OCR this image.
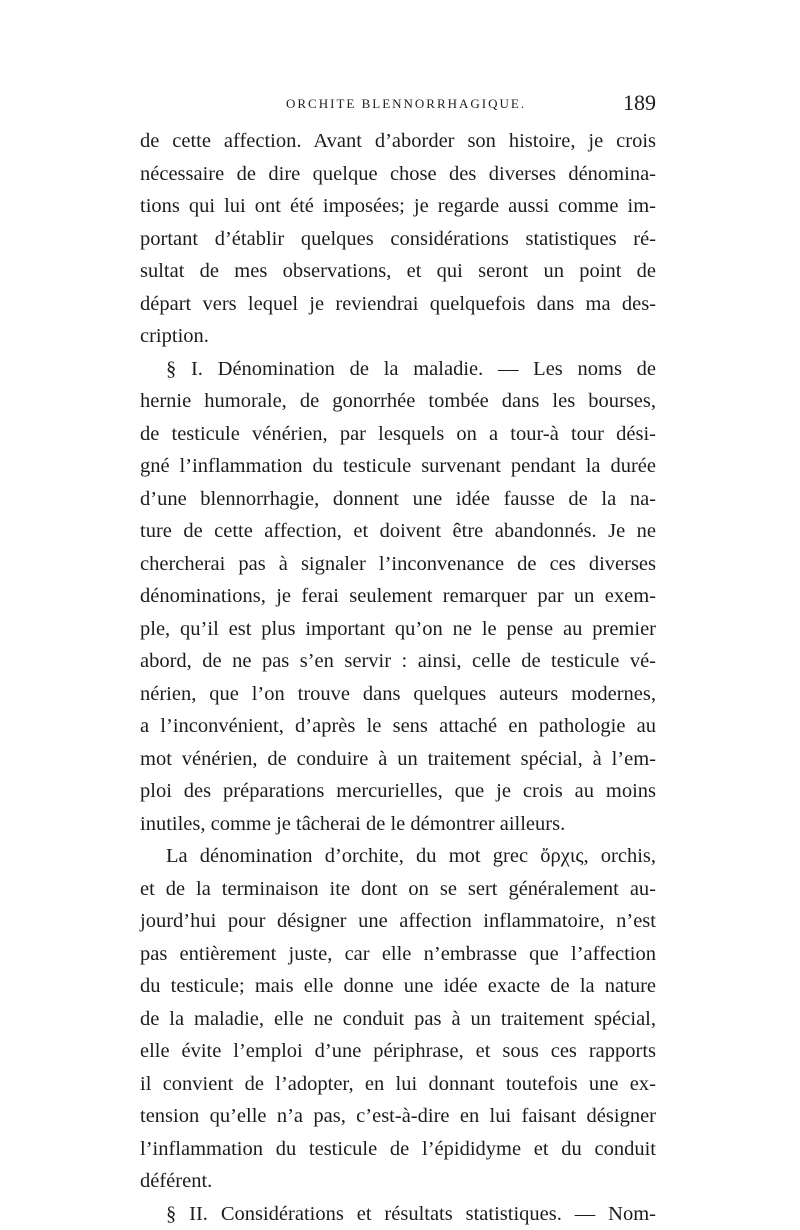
ORCHITE BLENNORRHAGIQUE.	189
de cette affection. Avant d’aborder son histoire, je crois
nécessaire de dire quelque chose des diverses dénomina-
tions qui lui ont été imposées; je regarde aussi comme im-
portant d’établir quelques considérations statistiques ré-
sultat de mes observations, et qui seront un point de
départ vers lequel je reviendrai quelquefois dans ma des-
cription.
§ I. Dénomination de la maladie. — Les noms de
hernie humorale, de gonorrhée tombée dans les bourses,
de testicule vénérien, par lesquels on a tour-à tour dési-
gné l’inflammation du testicule survenant pendant la durée
d’une blennorrhagie, donnent une idée fausse de la na-
ture de cette affection, et doivent être abandonnés. Je ne
chercherai pas à signaler l’inconvenance de ces diverses
dénominations, je ferai seulement remarquer par un exem-
ple, qu’il est plus important qu’on ne le pense au premier
abord, de ne pas s’en servir : ainsi, celle de testicule vé-
nérien, que l’on trouve dans quelques auteurs modernes,
a l’inconvénient, d’après le sens attaché en pathologie au
mot vénérien, de conduire à un traitement spécial, à l’em-
ploi des préparations mercurielles, que je crois au moins
inutiles, comme je tâcherai de le démontrer ailleurs.
La dénomination d’orchite, du mot grec ὄρχις, orchis,
et de la terminaison ite dont on se sert généralement au-
jourd’hui pour désigner une affection inflammatoire, n’est
pas entièrement juste, car elle n’embrasse que l’affection
du testicule; mais elle donne une idée exacte de la nature
de la maladie, elle ne conduit pas à un traitement spécial,
elle évite l’emploi d’une périphrase, et sous ces rapports
il convient de l’adopter, en lui donnant toutefois une ex-
tension qu’elle n’a pas, c’est-à-dire en lui faisant désigner
l’inflammation du testicule de l’épididyme et du conduit
déférent.
§ II. Considérations et résultats statistiques. — Nom-
